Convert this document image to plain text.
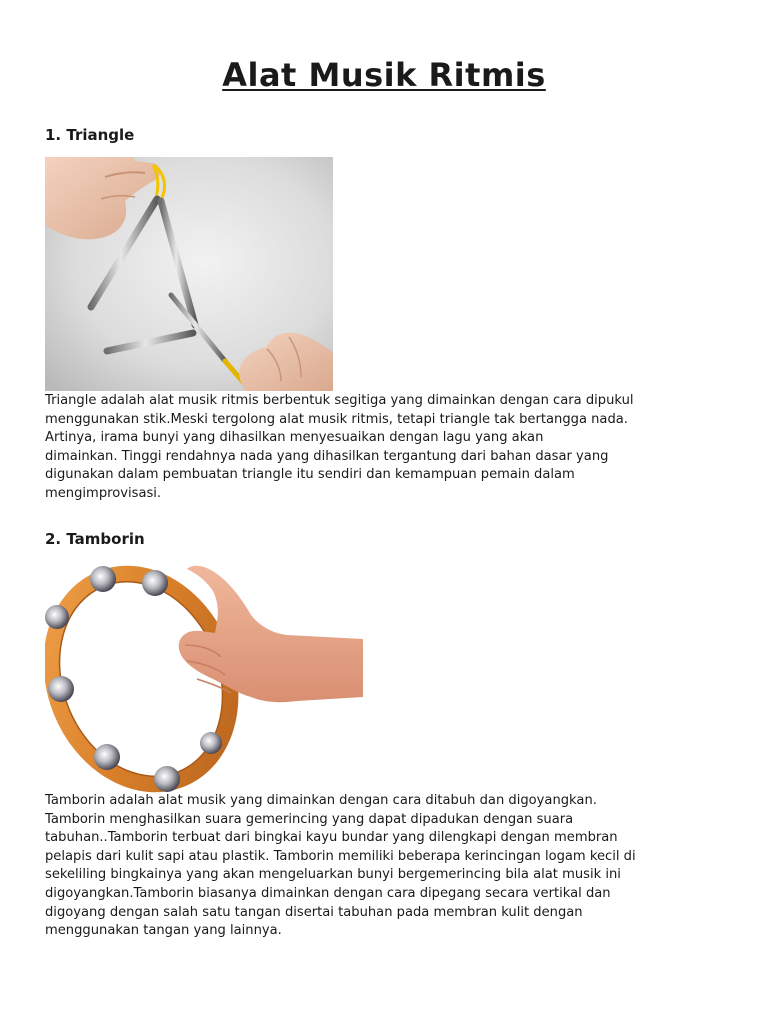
Alat Musik Ritmis
1. Triangle

Triangle adalah alat musik ritmis berbentuk segitiga yang dimainkan dengan cara dipukul
menggunakan stik.Meski tergolong alat musik ritmis, tetapi triangle tak bertangga nada.
Artinya, irama bunyi yang dihasilkan menyesuaikan dengan lagu yang akan
dimainkan. Tinggi rendahnya nada yang dihasilkan tergantung dari bahan dasar yang
digunakan dalam pembuatan triangle itu sendiri dan kemampuan pemain dalam
mengimprovisasi.

2. Tamborin

Tamborin adalah alat musik yang dimainkan dengan cara ditabuh dan digoyangkan.
Tamborin menghasilkan suara gemerincing yang dapat dipadukan dengan suara
tabuhan..Tamborin terbuat dari bingkai kayu bundar yang dilengkapi dengan membran
pelapis dari kulit sapi atau plastik. Tamborin memiliki beberapa kerincingan logam kecil di
sekeliling bingkainya yang akan mengeluarkan bunyi bergemerincing bila alat musik ini
digoyangkan.Tamborin biasanya dimainkan dengan cara dipegang secara vertikal dan
digoyang dengan salah satu tangan disertai tabuhan pada membran kulit dengan
menggunakan tangan yang lainnya.
